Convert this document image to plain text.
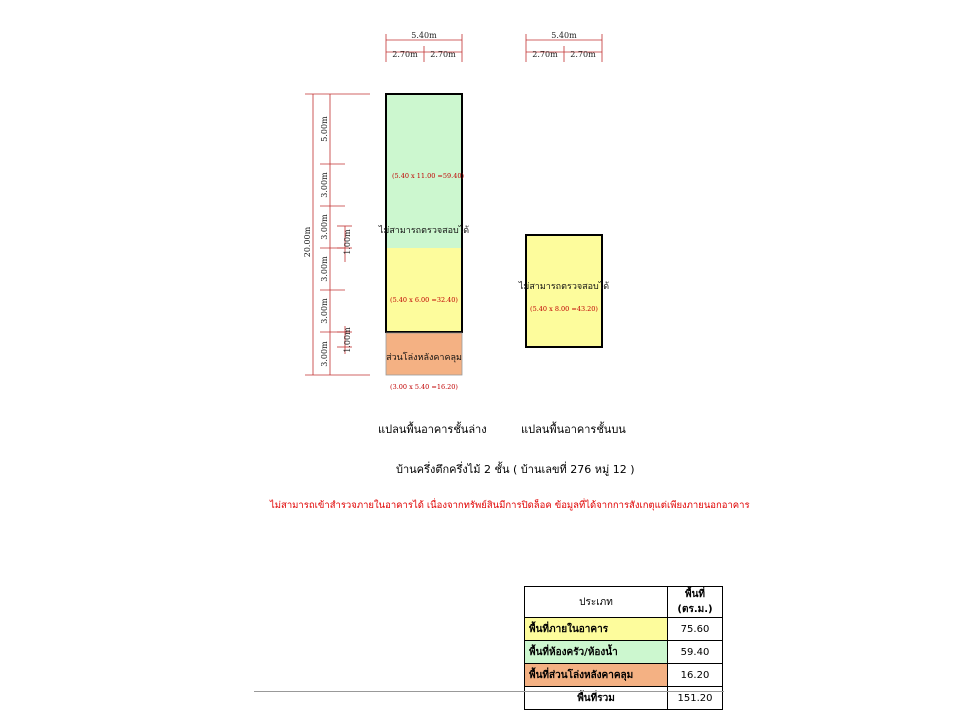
5.40m
2.70m 2.70m
5.40m
2.70m 2.70m
20.00m
5.00m
3.00m
3.00m
3.00m
3.00m
3.00m
1.00m
1.00m
(5.40 x 11.00 =59.40)
ไม่สามารถตรวจสอบได้
(5.40 x 6.00 =32.40)
ส่วนโล่งหลังคาคลุม
(3.00 x 5.40 =16.20)
ไม่สามารถตรวจสอบได้
(5.40 x 8.00 =43.20)
แปลนพื้นอาคารชั้นล่าง	แปลนพื้นอาคารชั้นบน
บ้านครึ่งตึกครึ่งไม้ 2 ชั้น ( บ้านเลขที่ 276 หมู่ 12 )
ไม่สามารถเข้าสำรวจภายในอาคารได้ เนื่องจากทรัพย์สินมีการปิดล็อค ข้อมูลที่ได้จากการสังเกตุแต่เพียงภายนอกอาคาร
ประเภท	พื้นที่ (ตร.ม.)
พื้นที่ภายในอาคาร	75.60
พื้นที่ห้องครัว/ห้องน้ำ	59.40
พื้นที่ส่วนโล่งหลังคาคลุม	16.20
พื้นที่รวม	151.20
